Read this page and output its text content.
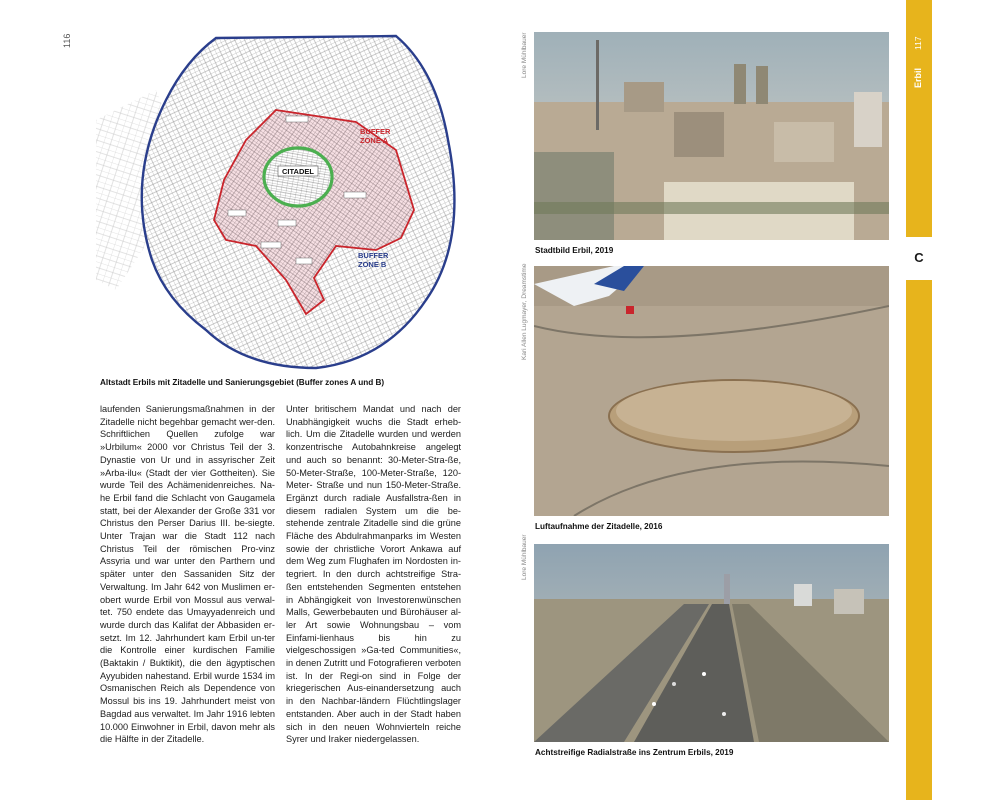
116
CITADEL
BUFFER
ZONE A
BUFFER
ZONE B
Altstadt Erbils mit Zitadelle und Sanierungsgebiet (Buffer zones A und B)
laufenden Sanierungsmaßnahmen in der Zitadelle nicht begehbar gemacht wer-den. Schriftlichen Quellen zufolge war »Urbilum« 2000 vor Christus Teil der 3. Dynastie von Ur und in assyrischer Zeit »Arba-ilu« (Stadt der vier Gottheiten). Sie wurde Teil des Achämenidenreiches. Na-he Erbil fand die Schlacht von Gaugamela statt, bei der Alexander der Große 331 vor Christus den Perser Darius III. be-siegte. Unter Trajan war die Stadt 112 nach Christus Teil der römischen Pro-vinz Assyria und war unter den Parthern und später unter den Sassaniden Sitz der Verwaltung. Im Jahr 642 von Muslimen er-obert wurde Erbil von Mossul aus verwal-tet. 750 endete das Umayyadenreich und wurde durch das Kalifat der Abbasiden er-setzt. Im 12. Jahrhundert kam Erbil un-ter die Kontrolle einer kurdischen Familie (Baktakin / Buktikit), die den ägyptischen Ayyubiden nahestand. Erbil wurde 1534 im Osmanischen Reich als Dependence von Mossul bis ins 19. Jahrhundert meist von Bagdad aus verwaltet. Im Jahr 1916 lebten 10.000 Einwohner in Erbil, davon mehr als die Hälfte in der Zitadelle.
Unter britischem Mandat und nach der Unabhängigkeit wuchs die Stadt erheb-lich. Um die Zitadelle wurden und werden konzentrische Autobahnkreise angelegt und auch so benannt: 30-Meter-Stra-ße, 50-Meter-Straße, 100-Meter-Straße, 120-Meter- Straße und nun 150-Meter-Straße. Ergänzt durch radiale Ausfallstra-ßen in diesem radialen System um die be-stehende zentrale Zitadelle sind die grüne Fläche des Abdulrahmanparks im Westen sowie der christliche Vorort Ankawa auf dem Weg zum Flughafen im Nordosten in-tegriert. In den durch achtstreifige Stra-ßen entstehenden Segmenten entstehen in Abhängigkeit von Investorenwünschen Malls, Gewerbebauten und Bürohäuser al-ler Art sowie Wohnungsbau – vom Einfami-lienhaus bis hin zu vielgeschossigen »Ga-ted Communities«, in denen Zutritt und Fotografieren verboten ist. In der Regi-on sind in Folge der kriegerischen Aus-einandersetzung auch in den Nachbar-ländern Flüchtlingslager entstanden. Aber auch in der Stadt haben sich in den neuen Wohnvierteln reiche Syrer und Iraker niedergelassen.
Lore Mühlbauer
Stadtbild Erbil, 2019
Kari Allen Lugmayer, Dreamstime
Luftaufnahme der Zitadelle, 2016
Lore Mühlbauer
Achtstreifige Radialstraße ins Zentrum Erbils, 2019
117
Erbil
C
